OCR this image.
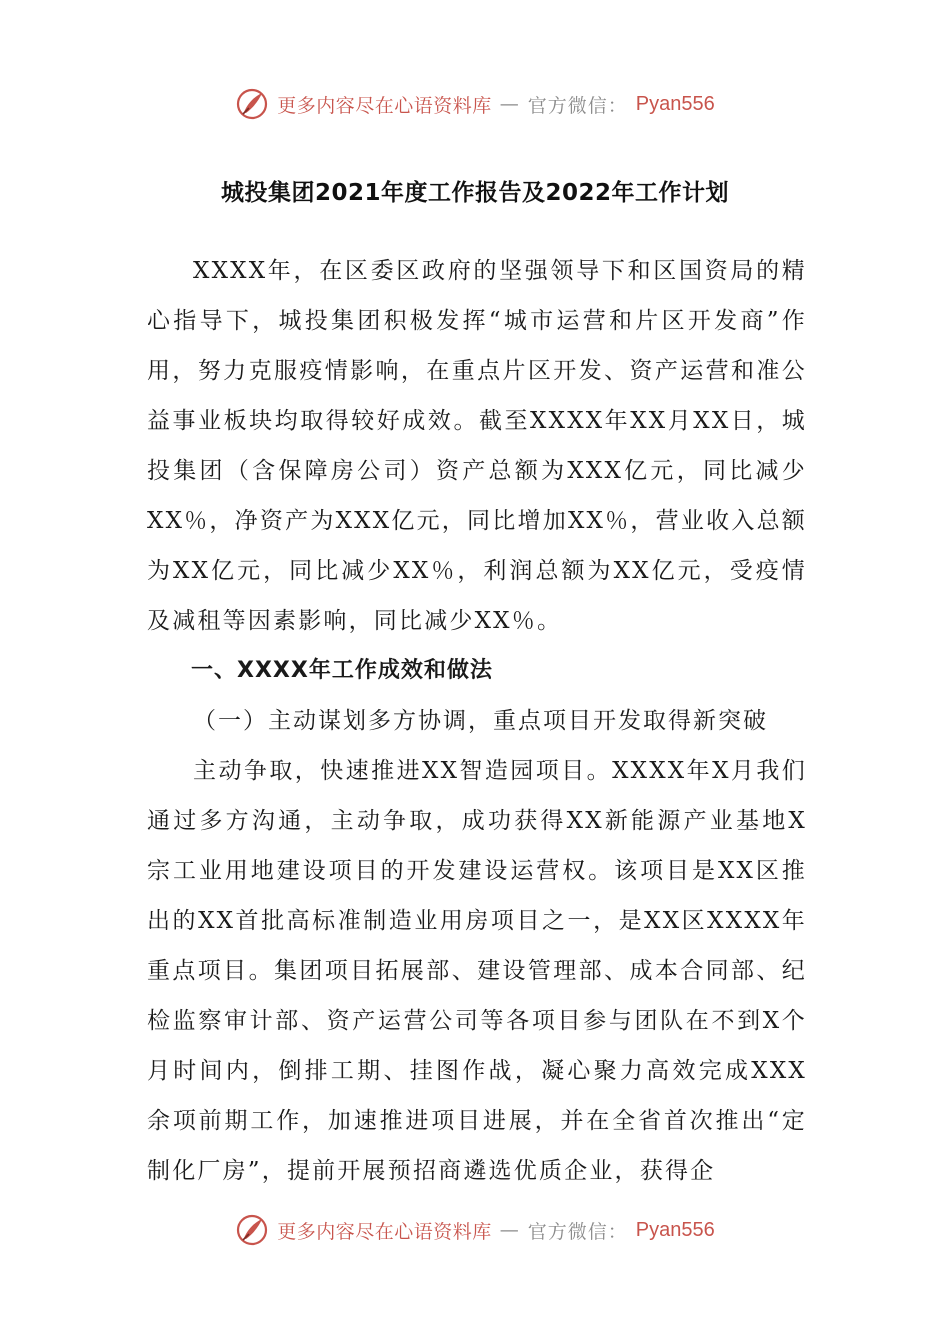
更多内容尽在心语资料库 — 官方微信： Pyan556
城投集团2021年度工作报告及2022年工作计划

XXXX年，在区委区政府的坚强领导下和区国资局的精心指导下，城投集团积极发挥“城市运营和片区开发商”作用，努力克服疫情影响，在重点片区开发、资产运营和准公益事业板块均取得较好成效。截至XXXX年XX月XX日，城投集团（含保障房公司）资产总额为XXX亿元，同比减少XX％，净资产为XXX亿元，同比增加XX％，营业收入总额为XX亿元，同比减少XX％，利润总额为XX亿元，受疫情及减租等因素影响，同比减少XX％。

一、XXXX年工作成效和做法
（一）主动谋划多方协调，重点项目开发取得新突破

主动争取，快速推进XX智造园项目。XXXX年X月我们通过多方沟通，主动争取，成功获得XX新能源产业基地X宗工业用地建设项目的开发建设运营权。该项目是XX区推出的XX首批高标准制造业用房项目之一，是XX区XXXX年重点项目。集团项目拓展部、建设管理部、成本合同部、纪检监察审计部、资产运营公司等各项目参与团队在不到X个月时间内，倒排工期、挂图作战，凝心聚力高效完成XXX余项前期工作，加速推进项目进展，并在全省首次推出“定制化厂房”，提前开展预招商遴选优质企业，获得企

更多内容尽在心语资料库 — 官方微信： Pyan556
